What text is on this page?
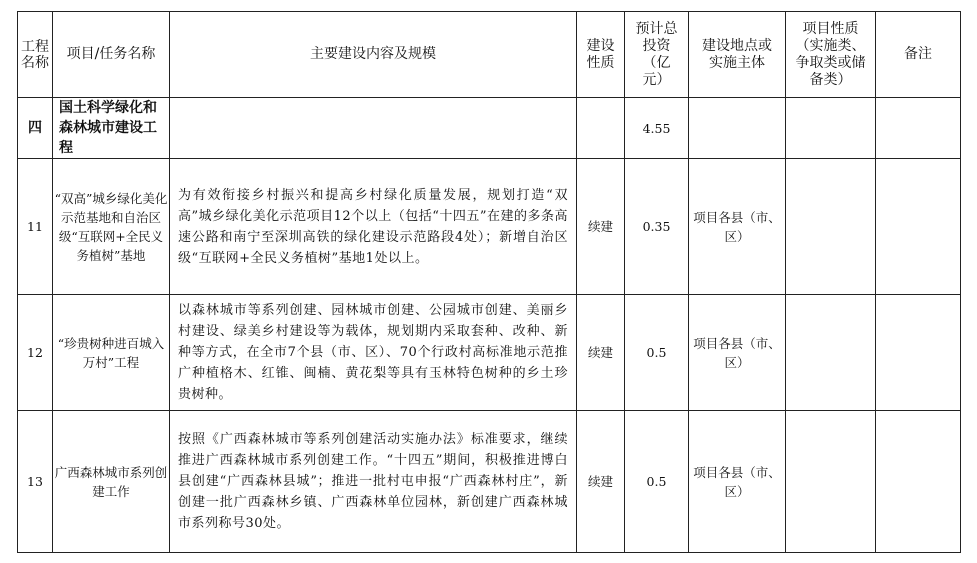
工程名称	项目/任务名称	主要建设内容及规模	建设性质	预计总投资（亿元）	建设地点或实施主体	项目性质（实施类、争取类或储备类）	备注
四	国土科学绿化和森林城市建设工程			4.55			
11	“双高”城乡绿化美化示范基地和自治区级“互联网+全民义务植树”基地	为有效衔接乡村振兴和提高乡村绿化质量发展，规划打造“双高”城乡绿化美化示范项目12个以上（包括“十四五”在建的多条高速公路和南宁至深圳高铁的绿化建设示范路段4处）；新增自治区级“互联网+全民义务植树”基地1处以上。	续建	0.35	项目各县（市、区）		
12	“珍贵树种进百城入万村”工程	以森林城市等系列创建、园林城市创建、公园城市创建、美丽乡村建设、绿美乡村建设等为载体，规划期内采取套种、改种、新种等方式，在全市7个县（市、区）、70个行政村高标准地示范推广种植格木、红锥、闽楠、黄花梨等具有玉林特色树种的乡土珍贵树种。	续建	0.5	项目各县（市、区）		
13	广西森林城市系列创建工作	按照《广西森林城市等系列创建活动实施办法》标准要求，继续推进广西森林城市系列创建工作。“十四五”期间，积极推进博白县创建“广西森林县城”；推进一批村屯申报“广西森林村庄”，新创建一批广西森林乡镇、广西森林单位园林，新创建广西森林城市系列称号30处。	续建	0.5	项目各县（市、区）		
